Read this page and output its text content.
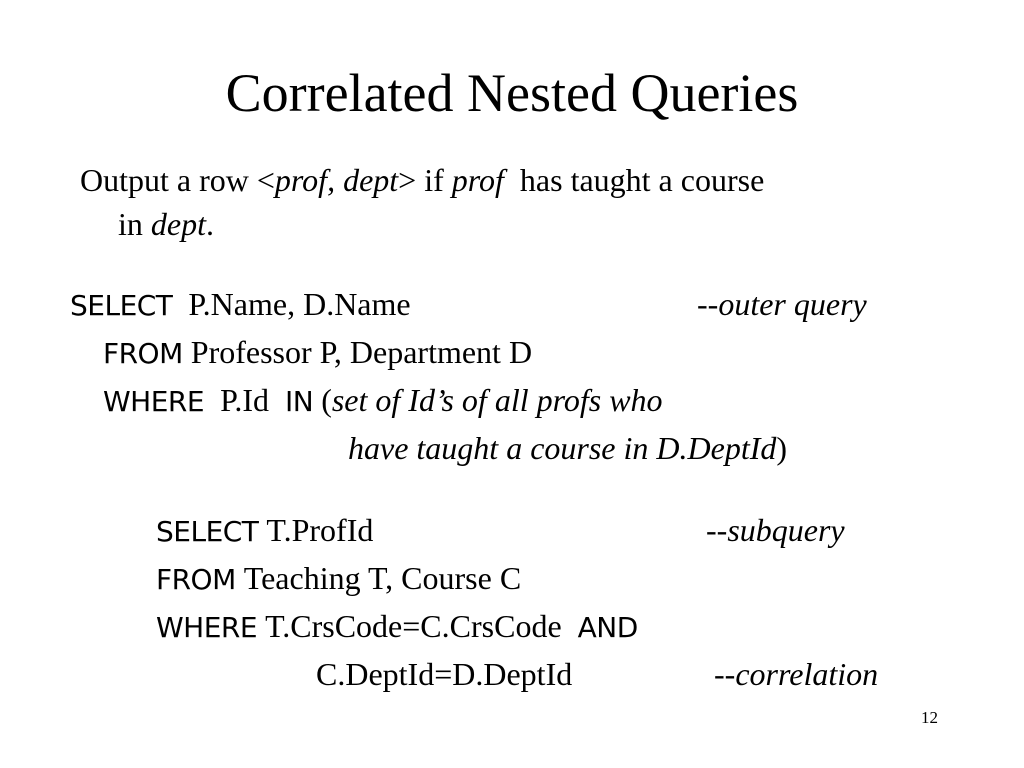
Correlated Nested Queries
Output a row <prof, dept> if prof  has taught a course
in dept.
SELECT P.Name, D.Name	--outer query
FROM Professor P, Department D
WHERE P.Id IN (set of Id’s of all profs who
have taught a course in D.DeptId)
SELECT T.ProfId	--subquery
FROM Teaching T, Course C
WHERE T.CrsCode=C.CrsCode AND
C.DeptId=D.DeptId	--correlation
12
